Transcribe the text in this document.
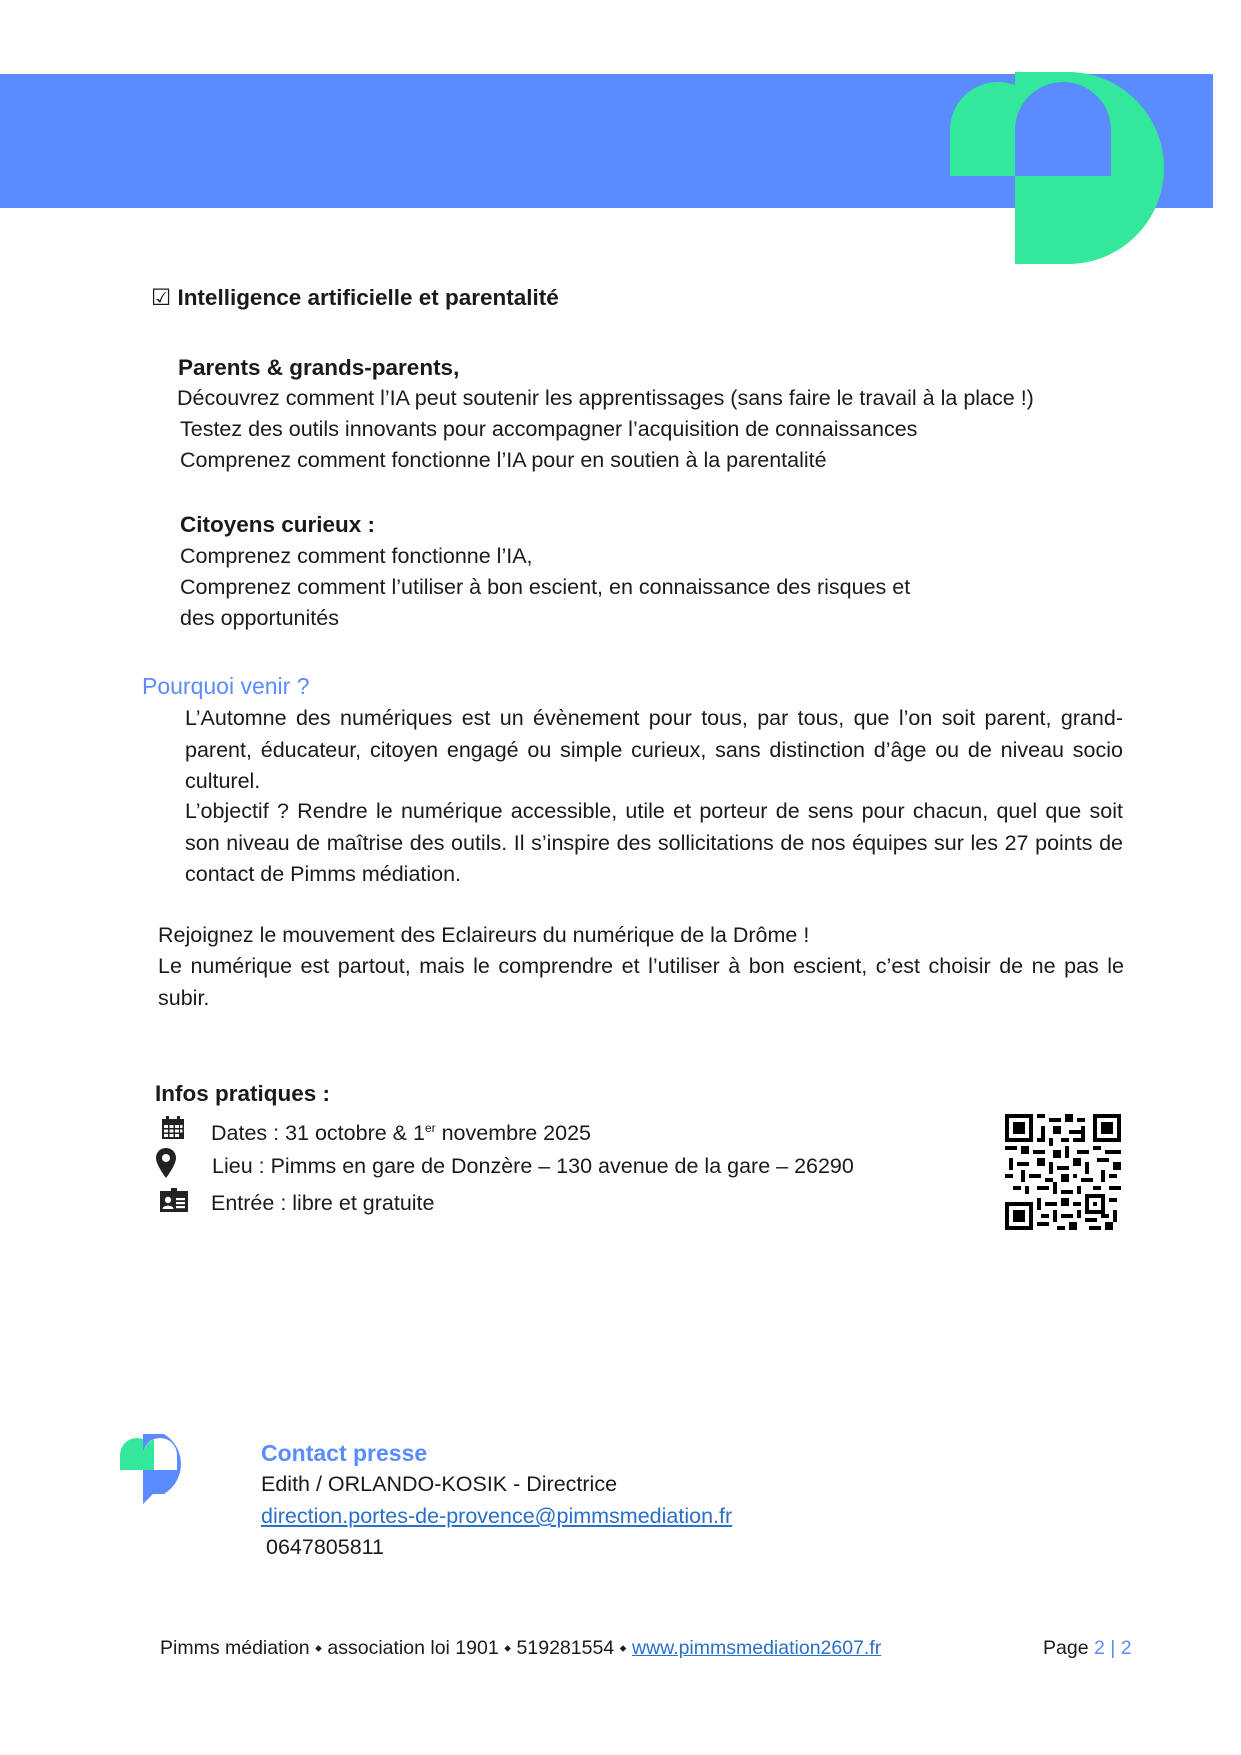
☑ Intelligence artificielle et parentalité
Parents & grands-parents,
Découvrez comment l’IA peut soutenir les apprentissages (sans faire le travail à la place !)
Testez des outils innovants pour accompagner l’acquisition de connaissances
Comprenez comment fonctionne l’IA pour en soutien à la parentalité
Citoyens curieux :
Comprenez comment fonctionne l’IA,
Comprenez comment l’utiliser à bon escient, en connaissance des risques et
des opportunités
Pourquoi venir ?
L’Automne des numériques est un évènement pour tous, par tous, que l’on soit parent, grand-parent, éducateur, citoyen engagé ou simple curieux, sans distinction d’âge ou de niveau socio culturel.
L’objectif ? Rendre le numérique accessible, utile et porteur de sens pour chacun, quel que soit son niveau de maîtrise des outils. Il s’inspire des sollicitations de nos équipes sur les 27 points de contact de Pimms médiation.
Rejoignez le mouvement des Eclaireurs du numérique de la Drôme !
Le numérique est partout, mais le comprendre et l’utiliser à bon escient, c’est choisir de ne pas le subir.
Infos pratiques :
Dates : 31 octobre & 1er novembre 2025
Lieu : Pimms en gare de Donzère – 130 avenue de la gare – 26290
Entrée : libre et gratuite
Contact presse
Edith / ORLANDO-KOSIK - Directrice
direction.portes-de-provence@pimmsmediation.fr
0647805811
Pimms médiation ⬩ association loi 1901 ⬩ 519281554 ⬩ www.pimmsmediation2607.fr	Page 2 | 2
